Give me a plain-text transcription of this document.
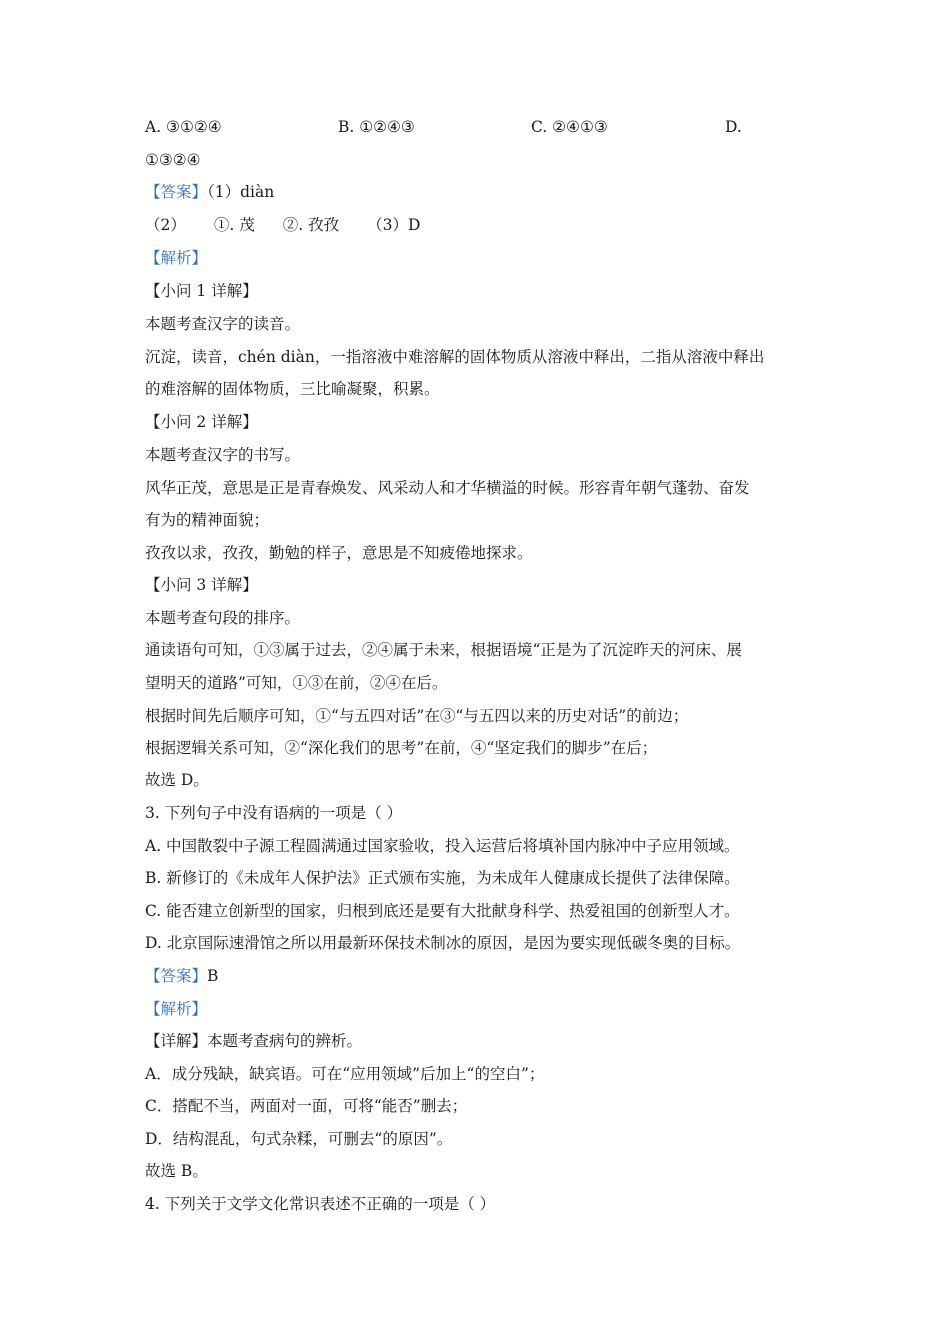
A. ③①②④	B. ①②④③	C. ②④①③	D.
①③②④
【答案】（1）diàn
（2） ①. 茂 ②. 孜孜 （3）D
【解析】
【小问 1 详解】
本题考查汉字的读音。
沉淀，读音，chén diàn，一指溶液中难溶解的固体物质从溶液中释出，二指从溶液中释出
的难溶解的固体物质，三比喻凝聚，积累。
【小问 2 详解】
本题考查汉字的书写。
风华正茂，意思是正是青春焕发、风采动人和才华横溢的时候。形容青年朝气蓬勃、奋发
有为的精神面貌；
孜孜以求，孜孜，勤勉的样子，意思是不知疲倦地探求。
【小问 3 详解】
本题考查句段的排序。
通读语句可知，①③属于过去，②④属于未来，根据语境“正是为了沉淀昨天的河床、展
望明天的道路”可知，①③在前，②④在后。
根据时间先后顺序可知，①“与五四对话”在③“与五四以来的历史对话”的前边；
根据逻辑关系可知，②“深化我们的思考”在前，④“坚定我们的脚步”在后；
故选 D。
3. 下列句子中没有语病的一项是（ ）
A. 中国散裂中子源工程圆满通过国家验收，投入运营后将填补国内脉冲中子应用领域。
B. 新修订的《未成年人保护法》正式颁布实施，为未成年人健康成长提供了法律保障。
C. 能否建立创新型的国家，归根到底还是要有大批献身科学、热爱祖国的创新型人才。
D. 北京国际速滑馆之所以用最新环保技术制冰的原因，是因为要实现低碳冬奥的目标。
【答案】B
【解析】
【详解】本题考查病句的辨析。
A．成分残缺，缺宾语。可在“应用领域”后加上“的空白”；
C．搭配不当，两面对一面，可将“能否”删去；
D．结构混乱，句式杂糅，可删去“的原因”。
故选 B。
4. 下列关于文学文化常识表述不正确的一项是（ ）
